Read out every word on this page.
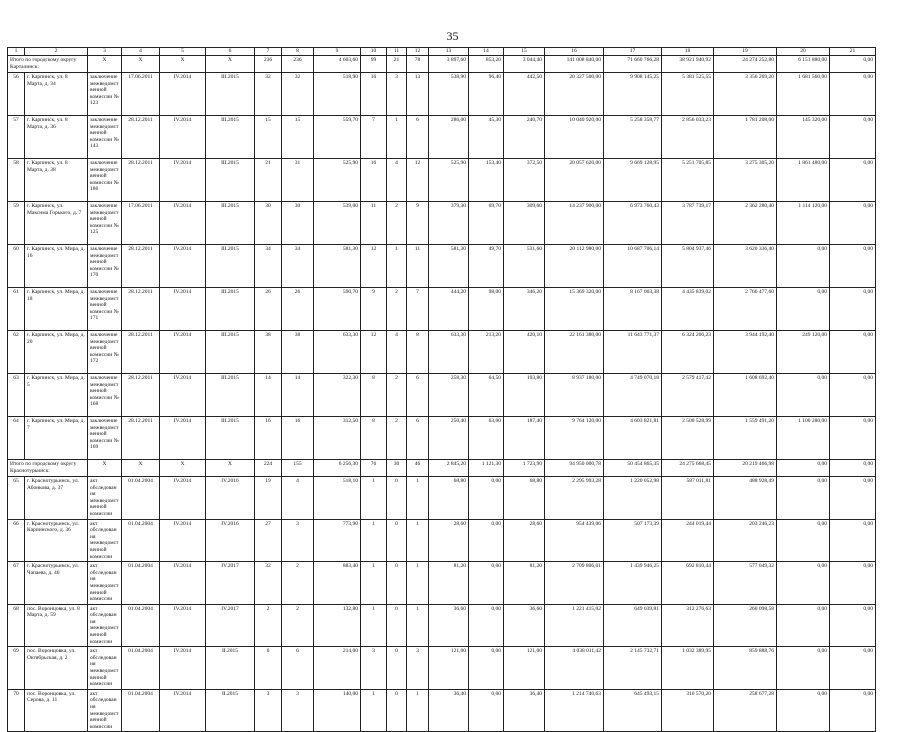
35
1	2	3	4	5	6	7	8	9	10	11	12	13	14	15	16	17	18	19	20	21
Итого по городскому округу Карталинск:		Х	Х	Х	Х	236	236	4 603,60	99	21	78	3 897,60	853,20	3 044,40	141 008 840,00	71 660 766,28	38 921 940,92	24 274 252,80	6 151 880,00	0,00
56	г. Карпинск, ул. 8 Марта, д. 34	заключение межведомственной комиссии № 123	17.06.2011	IV.2014	III.2015	32	32	518,90	16	3	13	538,90	96,40	442,50	20 327 500,00	9 908 145,25	5 381 525,55	3 356 269,20	1 681 560,00	0,00
57	г. Карпинск, ул. 8 Марта, д. 36	заключение межведомственной комиссии № 143	28.12.2011	IV.2014	III.2015	15	15	559,70	7	1	6	286,00	45,30	240,70	10 040 920,00	5 258 358,77	2 856 033,23	1 781 208,00	145 320,00	0,00
58	г. Карпинск, ул. 8 Марта, д. 38	заключение межведомственной комиссии № 186	28.12.2011	IV.2014	III.2015	21	31	525,90	16	4	12	525,90	153,40	372,50	20 057 620,00	9 669 128,95	5 251 705,85	3 275 305,20	1 861 480,00	0,00
59	г. Карпинск, ул. Максима Горького, д. 7	заключение межведомственной комиссии № 125	17.06.2011	IV.2014	III.2015	30	30	539,00	11	2	9	379,30	69,70	309,60	14 237 900,00	6 973 760,43	3 787 739,17	2 362 280,40	1 114 120,00	0,00
60	г. Карпинск, ул. Мира, д. 16	заключение межведомственной комиссии № 170	28.12.2011	IV.2014	III.2015	34	34	581,30	12	1	11	581,30	49,70	531,60	20 112 980,00	10 687 706,14	5 804 937,46	3 620 336,40	0,00	0,00
61	г. Карпинск, ул. Мира, д. 18	заключение межведомственной комиссии № 171	28.12.2011	IV.2014	III.2015	26	26	590,70	9	2	7	444,20	98,00	346,20	15 369 320,00	8 167 003,38	4 435 839,02	2 766 477,60	0,00	0,00
62	г. Карпинск, ул. Мира, д. 20	заключение межведомственной комиссии № 172	28.12.2011	IV.2014	III.2015	38	38	633,30	12	4	8	633,30	213,20	420,10	22 161 380,00	11 643 771,37	6 324 206,23	3 944 192,40	249 120,00	0,00
63	г. Карпинск, ул. Мира, д. 5	заключение межведомственной комиссии № 168	28.12.2011	IV.2014	III.2015	14	14	322,30	8	2	6	258,30	64,50	193,80	8 937 180,00	4 749 070,18	2 579 417,42	1 608 692,40	0,00	0,00
64	г. Карпинск, ул. Мира, д. 7	заключение межведомственной комиссии № 169	28.12.2011	IV.2014	III.2015	16	16	312,50	8	2	6	250,40	63,00	187,40	9 764 120,00	4 603 821,81	2 500 528,99	1 559 491,20	1 100 280,00	0,00
Итого по городскому округу Краснотурьинск:		Х	Х	Х	Х	224	155	6 256,30	76	30	46	2 845,20	1 121,30	1 723,90	94 950 000,78	50 454 865,35	24 275 668,45	20 219 466,98	0,00	0,00
65	г. Краснотурьинск, ул. Абонкова, д. 37	акт обследования межведомственной комиссии	01.04.2004	IV.2014	IV.2016	19	4	518,10	1	0	1	68,80	0,00	68,80	2 295 993,28	1 220 052,98	587 011,81	488 928,49	0,00	0,00
66	г. Краснотурьинск, ул. Карпинского, д. 36	акт обследования межведомственной комиссии	01.04.2004	IV.2014	IV.2016	27	3	773,90	1	0	1	28,60	0,00	28,60	954 439,06	507 173,39	244 019,44	203 246,23	0,00	0,00
67	г. Краснотурьинск, ул. Чапаева, д. 46	акт обследования межведомственной комиссии	01.04.2004	IV.2014	IV.2017	32	2	883,40	1	0	1	81,20	0,00	81,20	2 709 806,01	1 439 946,25	692 810,44	577 049,32	0,00	0,00
68	пос. Воронцовка, ул. 8 Марта, д. 59	акт обследования межведомственной комиссии	01.04.2004	IV.2014	IV.2017	2	2	132,80	1	0	1	36,60	0,00	36,60	1 221 415,02	649 039,81	312 276,63	260 098,58	0,00	0,00
69	пос. Воронцовка, ул. Октябрьская, д. 2	акт обследования межведомственной комиссии	01.04.2004	IV.2014	II.2015	6	6	214,00	3	0	3	121,00	0,00	121,00	4 038 011,42	2 145 732,71	1 032 389,95	859 888,76	0,00	0,00
70	пос. Воронцовка, ул. Серова, д. 11	акт обследования межведомственной комиссии	01.04.2004	IV.2014	II.2015	3	3	140,00	1	0	1	36,40	0,00	36,40	1 214 740,63	645 493,15	310 570,20	258 677,28	0,00	0,00
